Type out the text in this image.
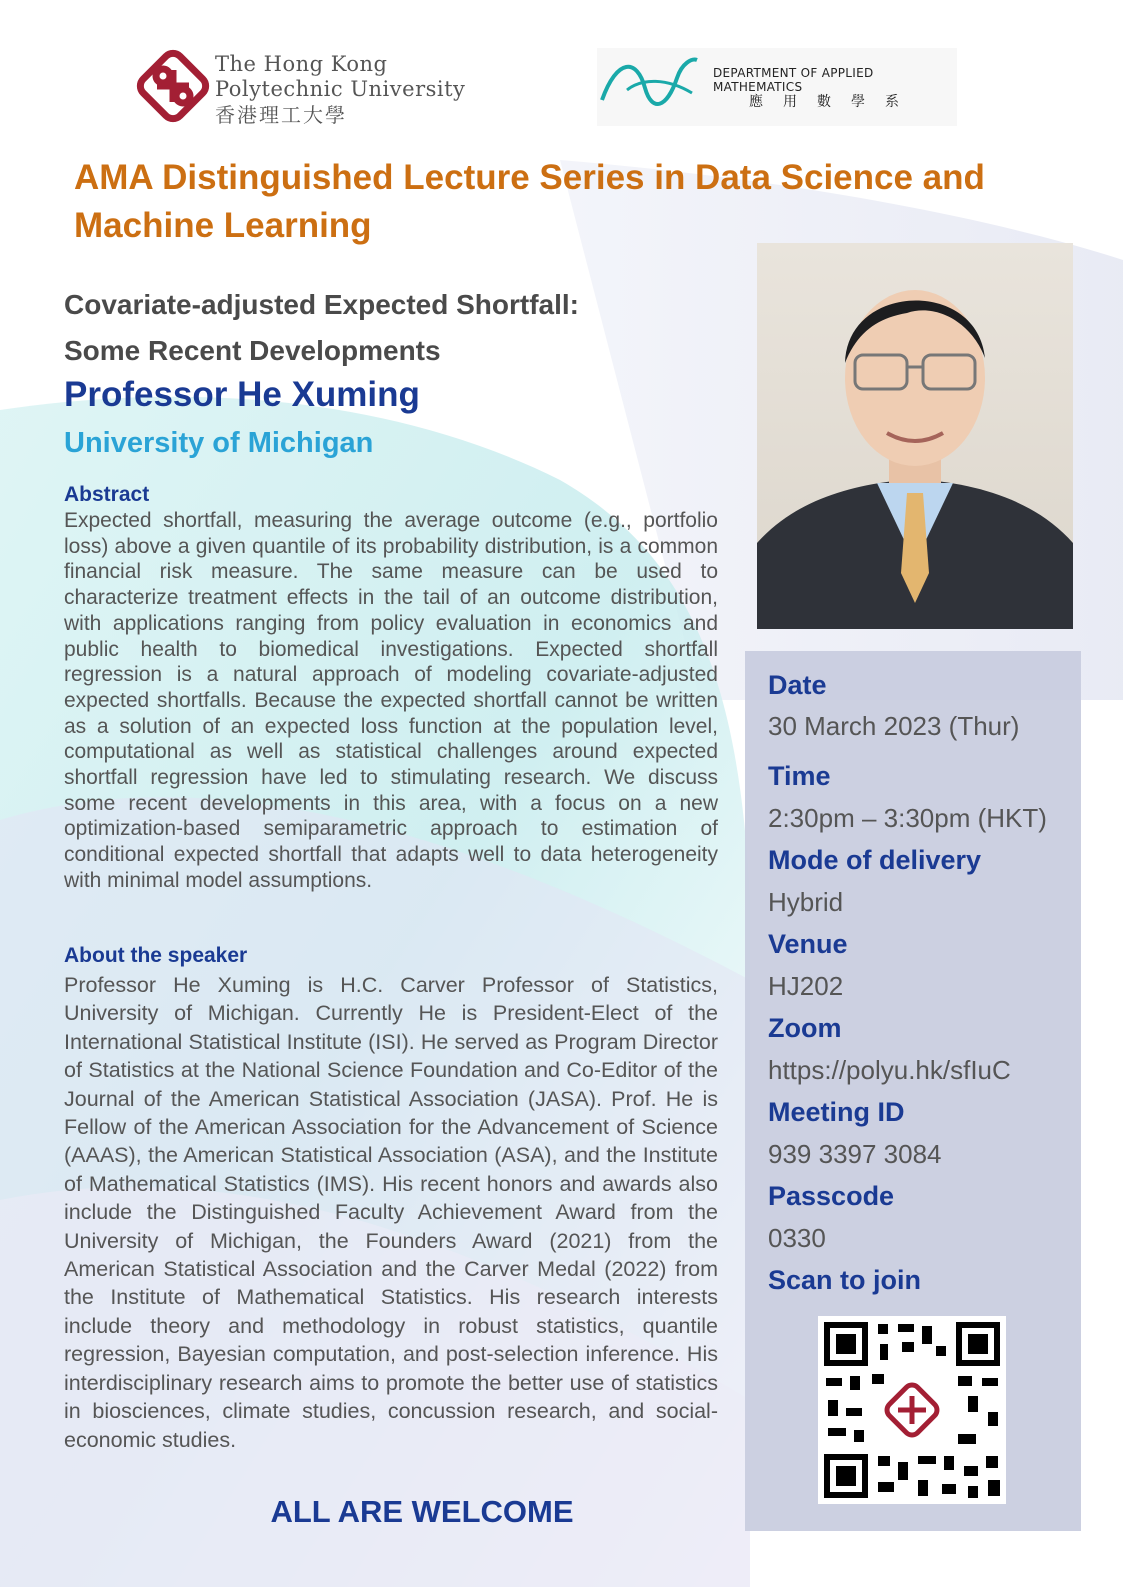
The Hong Kong
Polytechnic University
香港理工大學
DEPARTMENT OF APPLIED MATHEMATICS
應用數學系
AMA Distinguished Lecture Series in Data Science and Machine Learning
Covariate-adjusted Expected Shortfall:
Some Recent Developments
Professor He Xuming
University of Michigan
Abstract
Expected shortfall, measuring the average outcome (e.g., portfolio loss) above a given quantile of its probability distribution, is a common financial risk measure. The same measure can be used to characterize treatment effects in the tail of an outcome distribution, with applications ranging from policy evaluation in economics and public health to biomedical investigations. Expected shortfall regression is a natural approach of modeling covariate-adjusted expected shortfalls. Because the expected shortfall cannot be written as a solution of an expected loss function at the population level, computational as well as statistical challenges around expected shortfall regression have led to stimulating research. We discuss some recent developments in this area, with a focus on a new optimization-based semiparametric approach to estimation of conditional expected shortfall that adapts well to data heterogeneity with minimal model assumptions.
About the speaker
Professor He Xuming is H.C. Carver Professor of Statistics, University of Michigan. Currently He is President-Elect of the International Statistical Institute (ISI). He served as Program Director of Statistics at the National Science Foundation and Co-Editor of the Journal of the American Statistical Association (JASA). Prof. He is Fellow of the American Association for the Advancement of Science (AAAS), the American Statistical Association (ASA), and the Institute of Mathematical Statistics (IMS). His recent honors and awards also include the Distinguished Faculty Achievement Award from the University of Michigan, the Founders Award (2021) from the American Statistical Association and the Carver Medal (2022) from the Institute of Mathematical Statistics. His research interests include theory and methodology in robust statistics, quantile regression, Bayesian computation, and post-selection inference. His interdisciplinary research aims to promote the better use of statistics in biosciences, climate studies, concussion research, and social-economic studies.
Date
30 March 2023 (Thur)
Time
2:30pm – 3:30pm (HKT)
Mode of delivery
Hybrid
Venue
HJ202
Zoom
https://polyu.hk/sfIuC
Meeting ID
939 3397 3084
Passcode
0330
Scan to join
ALL ARE WELCOME
